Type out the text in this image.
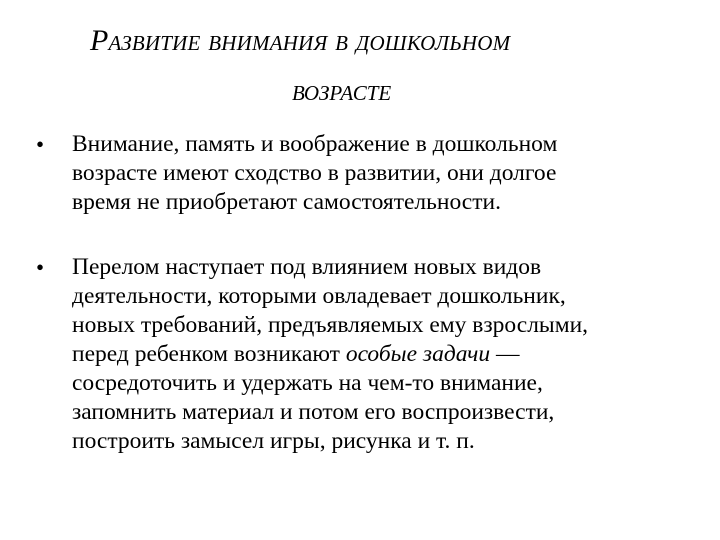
Развитие внимания в дошкольном
возрасте
•	Внимание, память и воображение в дошкольном
возрасте имеют сходство в развитии, они долгое
время не приобретают самостоятельности.
•	Перелом наступает под влиянием новых видов
деятельности, которыми овладевает дошкольник,
новых требований, предъявляемых ему взрослыми,
перед ребенком возникают особые задачи —
сосредоточить и удержать на чем-то внимание,
запомнить материал и потом его воспроизвести,
построить замысел игры, рисунка и т. п.
